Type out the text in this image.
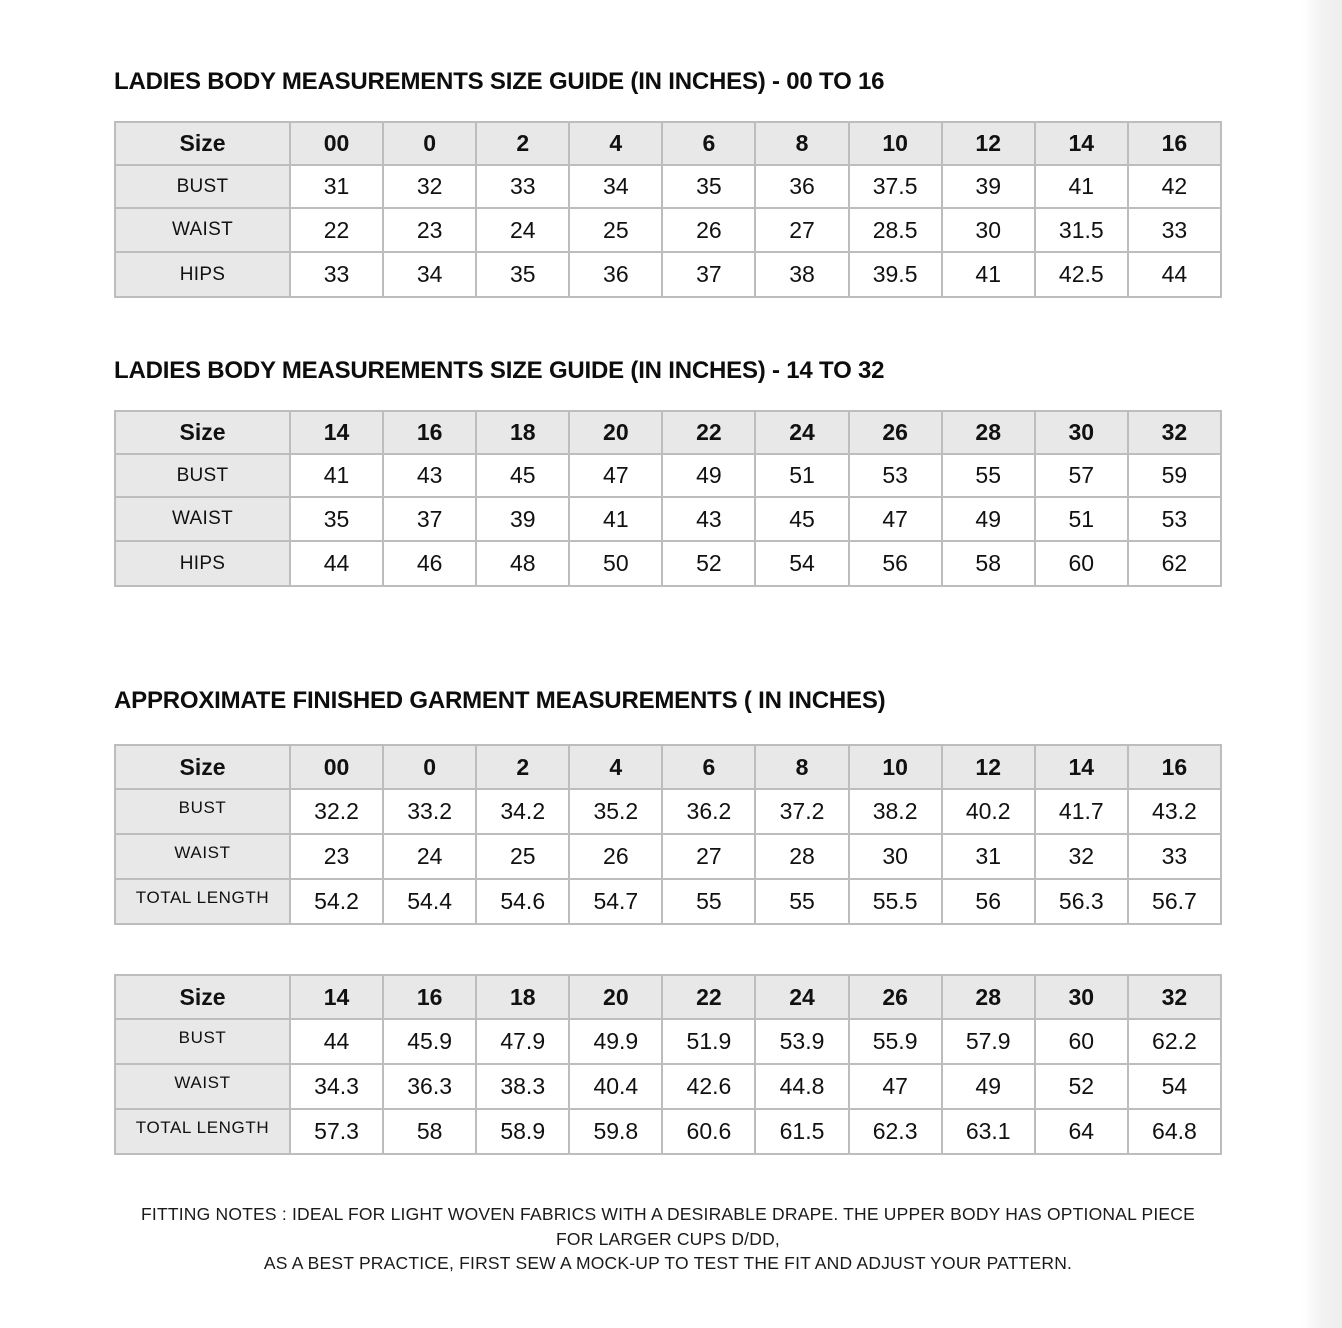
LADIES BODY MEASUREMENTS SIZE GUIDE (IN INCHES) - 00 TO 16
Size	00	0	2	4	6	8	10	12	14	16
BUST	31	32	33	34	35	36	37.5	39	41	42
WAIST	22	23	24	25	26	27	28.5	30	31.5	33
HIPS	33	34	35	36	37	38	39.5	41	42.5	44
LADIES BODY MEASUREMENTS SIZE GUIDE (IN INCHES) - 14 TO 32
Size	14	16	18	20	22	24	26	28	30	32
BUST	41	43	45	47	49	51	53	55	57	59
WAIST	35	37	39	41	43	45	47	49	51	53
HIPS	44	46	48	50	52	54	56	58	60	62
APPROXIMATE FINISHED GARMENT MEASUREMENTS ( IN INCHES)
Size	00	0	2	4	6	8	10	12	14	16
BUST	32.2	33.2	34.2	35.2	36.2	37.2	38.2	40.2	41.7	43.2
WAIST	23	24	25	26	27	28	30	31	32	33
TOTAL LENGTH	54.2	54.4	54.6	54.7	55	55	55.5	56	56.3	56.7
Size	14	16	18	20	22	24	26	28	30	32
BUST	44	45.9	47.9	49.9	51.9	53.9	55.9	57.9	60	62.2
WAIST	34.3	36.3	38.3	40.4	42.6	44.8	47	49	52	54
TOTAL LENGTH	57.3	58	58.9	59.8	60.6	61.5	62.3	63.1	64	64.8

FITTING NOTES : IDEAL FOR LIGHT WOVEN FABRICS WITH A DESIRABLE DRAPE. THE UPPER BODY HAS OPTIONAL PIECE FOR LARGER CUPS D/DD,

AS A BEST PRACTICE, FIRST SEW A MOCK-UP TO TEST THE FIT AND ADJUST YOUR PATTERN.
